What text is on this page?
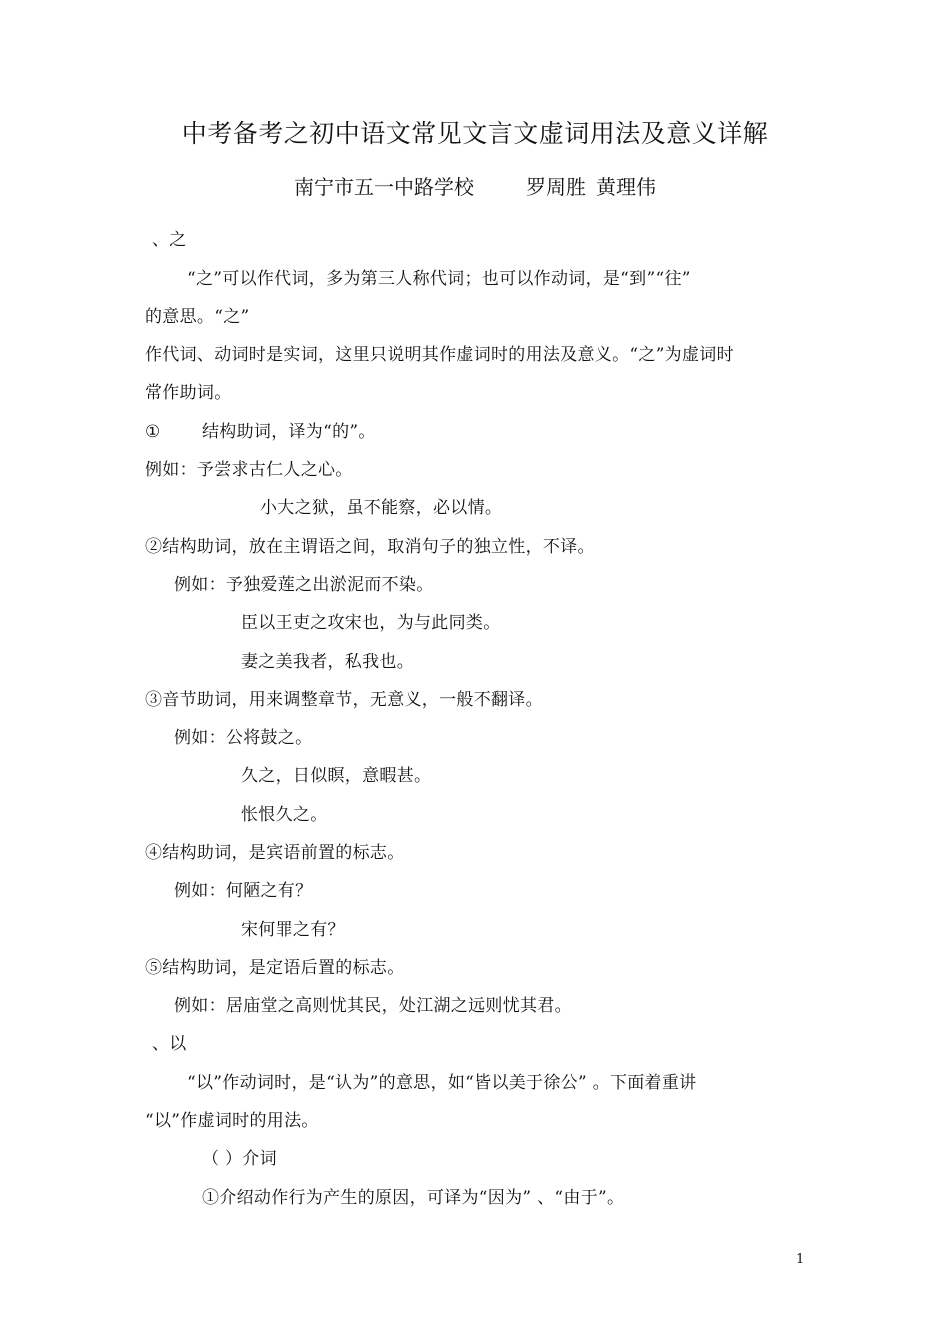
中考备考之初中语文常见文言文虚词用法及意义详解
南宁市五一中路学校	罗周胜 黄理伟
、之
“之”可以作代词，多为第三人称代词；也可以作动词，是“到”“往”
的意思。“之”
作代词、动词时是实词，这里只说明其作虚词时的用法及意义。“之”为虚词时
常作助词。
① 结构助词，译为“的”。
例如：予尝求古仁人之心。
小大之狱，虽不能察，必以情。
②结构助词，放在主谓语之间，取消句子的独立性，不译。
例如：予独爱莲之出淤泥而不染。
臣以王吏之攻宋也，为与此同类。
妻之美我者，私我也。
③音节助词，用来调整章节，无意义，一般不翻译。
例如：公将鼓之。
久之，日似瞑，意暇甚。
怅恨久之。
④结构助词，是宾语前置的标志。
例如：何陋之有？
宋何罪之有？
⑤结构助词，是定语后置的标志。
例如：居庙堂之高则忧其民，处江湖之远则忧其君。
、以
“以”作动词时，是“认为”的意思，如“皆以美于徐公” 。下面着重讲
“以”作虚词时的用法。
（ ）介词
①介绍动作行为产生的原因，可译为“因为” 、“由于”。
1
